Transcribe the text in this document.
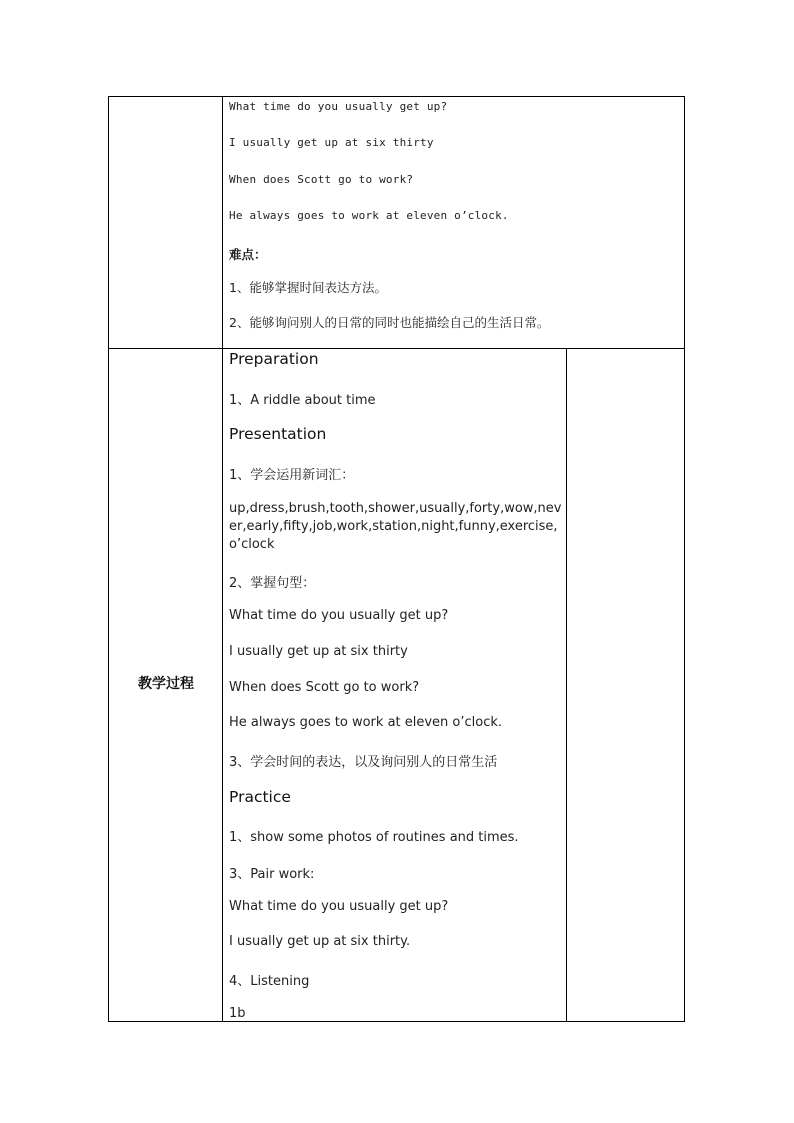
What time do you usually get up?
I usually get up at six thirty
When does Scott go to work?
He always goes to work at eleven o’clock.
难点：
1、能够掌握时间表达方法。
2、能够询问别人的日常的同时也能描绘自己的生活日常。
教学过程
Preparation
1、A riddle about time
Presentation
1、学会运用新词汇：
up,dress,brush,tooth,shower,usually,forty,wow,never,early,fifty,job,work,station,night,funny,exercise,o’clock
2、掌握句型：
What time do you usually get up?
I usually get up at six thirty
When does Scott go to work?
He always goes to work at eleven o’clock.
3、学会时间的表达，以及询问别人的日常生活
Practice
1、show some photos of routines and times.
3、Pair work:
What time do you usually get up?
I usually get up at six thirty.
4、Listening
1b
